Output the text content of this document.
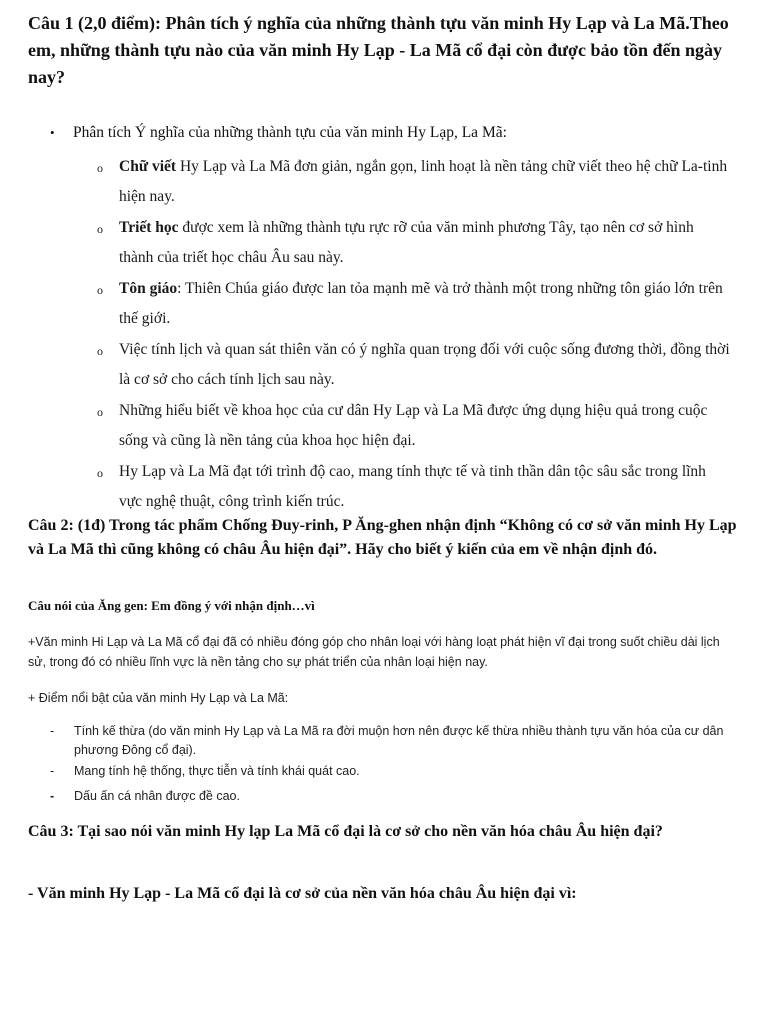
Câu 1 (2,0 điểm): Phân tích ý nghĩa của những thành tựu văn minh Hy Lạp và La Mã.Theo em, những thành tựu nào của văn minh Hy Lạp - La Mã cổ đại còn được bảo tồn đến ngày nay?
• Phân tích Ý nghĩa của những thành tựu của văn minh Hy Lạp, La Mã:
o Chữ viết Hy Lạp và La Mã đơn giản, ngắn gọn, linh hoạt là nền tảng chữ viết theo hệ chữ La-tinh hiện nay.
o Triết học được xem là những thành tựu rực rỡ của văn minh phương Tây, tạo nên cơ sở hình thành của triết học châu Âu sau này.
o Tôn giáo: Thiên Chúa giáo được lan tỏa mạnh mẽ và trở thành một trong những tôn giáo lớn trên thế giới.
o Việc tính lịch và quan sát thiên văn có ý nghĩa quan trọng đối với cuộc sống đương thời, đồng thời là cơ sở cho cách tính lịch sau này.
o Những hiểu biết về khoa học của cư dân Hy Lạp và La Mã được ứng dụng hiệu quả trong cuộc sống và cũng là nền tảng của khoa học hiện đại.
o Hy Lạp và La Mã đạt tới trình độ cao, mang tính thực tế và tinh thần dân tộc sâu sắc trong lĩnh vực nghệ thuật, công trình kiến trúc.
Câu 2: (1đ) Trong tác phẩm Chống Đuy-rinh, P Ăng-ghen nhận định “Không có cơ sở văn minh Hy Lạp và La Mã thì cũng không có châu Âu hiện đại”. Hãy cho biết ý kiến của em về nhận định đó.
Câu nói của Ăng gen: Em đồng ý với nhận định…vì
+Văn minh Hi Lạp và La Mã cổ đại đã có nhiều đóng góp cho nhân loại với hàng loạt phát hiện vĩ đại trong suốt chiều dài lịch sử, trong đó có nhiều lĩnh vực là nền tảng cho sự phát triển của nhân loại hiện nay.
+ Điểm nổi bật của văn minh Hy Lạp và La Mã:
- Tính kế thừa (do văn minh Hy Lạp và La Mã ra đời muộn hơn nên được kế thừa nhiều thành tựu văn hóa của cư dân phương Đông cổ đại).
- Mang tính hệ thống, thực tiễn và tính khái quát cao.
- Dấu ấn cá nhân được đề cao.
Câu 3: Tại sao nói văn minh Hy lạp La Mã cổ đại là cơ sở cho nền văn hóa châu Âu hiện đại?
- Văn minh Hy Lạp - La Mã cổ đại là cơ sở của nền văn hóa châu Âu hiện đại vì:
